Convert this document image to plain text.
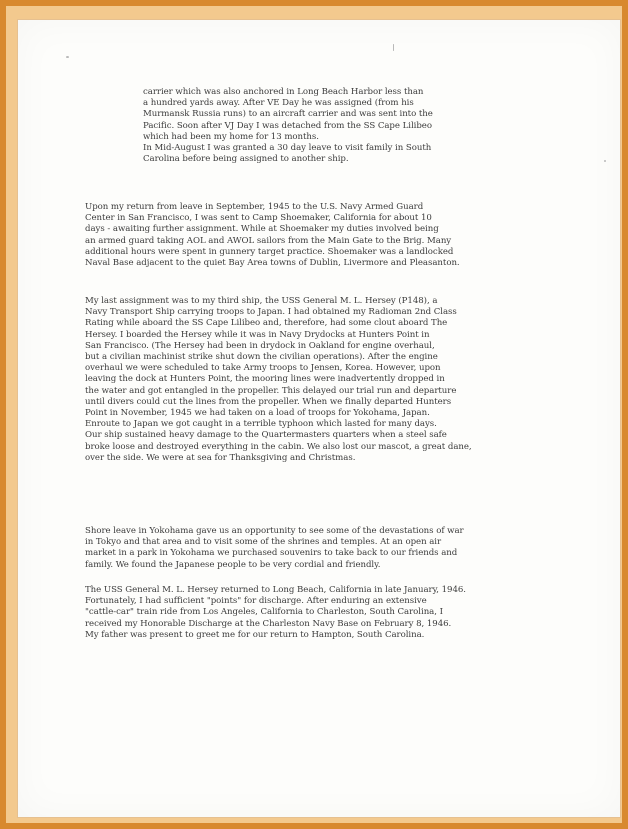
carrier which was also anchored in Long Beach Harbor less than

a hundred yards away. After VE Day he was assigned (from his

Murmansk Russia runs) to an aircraft carrier and was sent into the

Pacific. Soon after VJ Day I was detached from the SS Cape Lilibeo

which had been my home for 13 months.

In Mid-August I was granted a 30 day leave to visit family in South

Carolina before being assigned to another ship.

Upon my return from leave in September, 1945 to the U.S. Navy Armed Guard

Center in San Francisco, I was sent to Camp Shoemaker, California for about 10

days - awaiting further assignment. While at Shoemaker my duties involved being

an armed guard taking AOL and AWOL sailors from the Main Gate to the Brig. Many

additional hours were spent in gunnery target practice. Shoemaker was a landlocked

Naval Base adjacent to the quiet Bay Area towns of Dublin, Livermore and Pleasanton.

My last assignment was to my third ship, the USS General M. L. Hersey (P148), a

Navy Transport Ship carrying troops to Japan. I had obtained my Radioman 2nd Class

Rating while aboard the SS Cape Lilibeo and, therefore, had some clout aboard The

Hersey. I boarded the Hersey while it was in Navy Drydocks at Hunters Point in

San Francisco. (The Hersey had been in drydock in Oakland for engine overhaul,

but a civilian machinist strike shut down the civilian operations). After the engine

overhaul we were scheduled to take Army troops to Jensen, Korea. However, upon

leaving the dock at Hunters Point, the mooring lines were inadvertently dropped in

the water and got entangled in the propeller. This delayed our trial run and departure

until divers could cut the lines from the propeller. When we finally departed Hunters

Point in November, 1945 we had taken on a load of troops for Yokohama, Japan.

Enroute to Japan we got caught in a terrible typhoon which lasted for many days.

Our ship sustained heavy damage to the Quartermasters quarters when a steel safe

broke loose and destroyed everything in the cabin. We also lost our mascot, a great dane,

over the side. We were at sea for Thanksgiving and Christmas.

Shore leave in Yokohama gave us an opportunity to see some of the devastations of war

in Tokyo and that area and to visit some of the shrines and temples. At an open air

market in a park in Yokohama we purchased souvenirs to take back to our friends and

family. We found the Japanese people to be very cordial and friendly.

The USS General M. L. Hersey returned to Long Beach, California in late January, 1946.

Fortunately, I had sufficient "points" for discharge. After enduring an extensive

"cattle-car" train ride from Los Angeles, California to Charleston, South Carolina, I

received my Honorable Discharge at the Charleston Navy Base on February 8, 1946.

My father was present to greet me for our return to Hampton, South Carolina.
